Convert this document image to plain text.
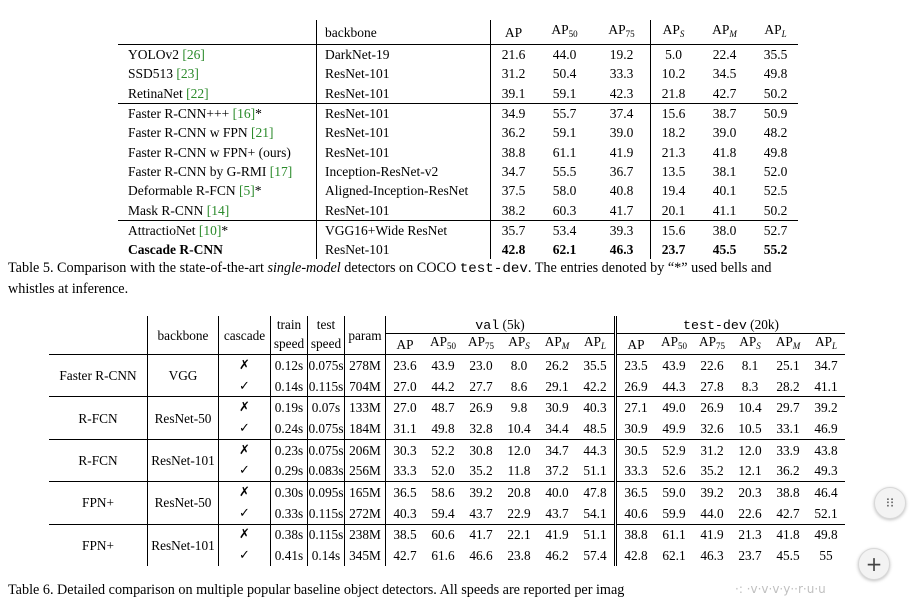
	backbone	AP	$AP_{50}$	$AP_{75}$	$AP_S$	$AP_M$	$AP_L$
YOLOv2 [26]	DarkNet-19	21.6	44.0	19.2	5.0	22.4	35.5
SSD513 [23]	ResNet-101	31.2	50.4	33.3	10.2	34.5	49.8
RetinaNet [22]	ResNet-101	39.1	59.1	42.3	21.8	42.7	50.2
Faster R-CNN+++ [16]*	ResNet-101	34.9	55.7	37.4	15.6	38.7	50.9
Faster R-CNN w FPN [21]	ResNet-101	36.2	59.1	39.0	18.2	39.0	48.2
Faster R-CNN w FPN+ (ours)	ResNet-101	38.8	61.1	41.9	21.3	41.8	49.8
Faster R-CNN by G-RMI [17]	Inception-ResNet-v2	34.7	55.5	36.7	13.5	38.1	52.0
Deformable R-FCN [5]*	Aligned-Inception-ResNet	37.5	58.0	40.8	19.4	40.1	52.5
Mask R-CNN [14]	ResNet-101	38.2	60.3	41.7	20.1	41.1	50.2
AttractioNet [10]*	VGG16+Wide ResNet	35.7	53.4	39.3	15.6	38.0	52.7
Cascade R-CNN	ResNet-101	42.8	62.1	46.3	23.7	45.5	55.2
Table 5. Comparison with the state-of-the-art single-model detectors on COCO test-dev. The entries denoted by “*” used bells and
whistles at inference.
	backbone	cascade	train	test	param	val (5k)						test-dev (20k)					
			speed	speed		AP	$AP_{50}$	$AP_{75}$	$AP_S$	$AP_M$	$AP_L$	AP	$AP_{50}$	$AP_{75}$	$AP_S$	$AP_M$	$AP_L$
Faster R-CNN	VGG	✗	0.12s	0.075s	278M	23.6	43.9	23.0	8.0	26.2	35.5	23.5	43.9	22.6	8.1	25.1	34.7
		✓	0.14s	0.115s	704M	27.0	44.2	27.7	8.6	29.1	42.2	26.9	44.3	27.8	8.3	28.2	41.1
R-FCN	ResNet-50	✗	0.19s	0.07s	133M	27.0	48.7	26.9	9.8	30.9	40.3	27.1	49.0	26.9	10.4	29.7	39.2
		✓	0.24s	0.075s	184M	31.1	49.8	32.8	10.4	34.4	48.5	30.9	49.9	32.6	10.5	33.1	46.9
R-FCN	ResNet-101	✗	0.23s	0.075s	206M	30.3	52.2	30.8	12.0	34.7	44.3	30.5	52.9	31.2	12.0	33.9	43.8
		✓	0.29s	0.083s	256M	33.3	52.0	35.2	11.8	37.2	51.1	33.3	52.6	35.2	12.1	36.2	49.3
FPN+	ResNet-50	✗	0.30s	0.095s	165M	36.5	58.6	39.2	20.8	40.0	47.8	36.5	59.0	39.2	20.3	38.8	46.4
		✓	0.33s	0.115s	272M	40.3	59.4	43.7	22.9	43.7	54.1	40.6	59.9	44.0	22.6	42.7	52.1
FPN+	ResNet-101	✗	0.38s	0.115s	238M	38.5	60.6	41.7	22.1	41.9	51.1	38.8	61.1	41.9	21.3	41.8	49.8
		✓	0.41s	0.14s	345M	42.7	61.6	46.6	23.8	46.2	57.4	42.8	62.1	46.3	23.7	45.5	55
Table 6. Detailed comparison on multiple popular baseline object detectors. All speeds are reported per imag	·: ·v·v·v·y··r·u·u
⁝⁝
+
